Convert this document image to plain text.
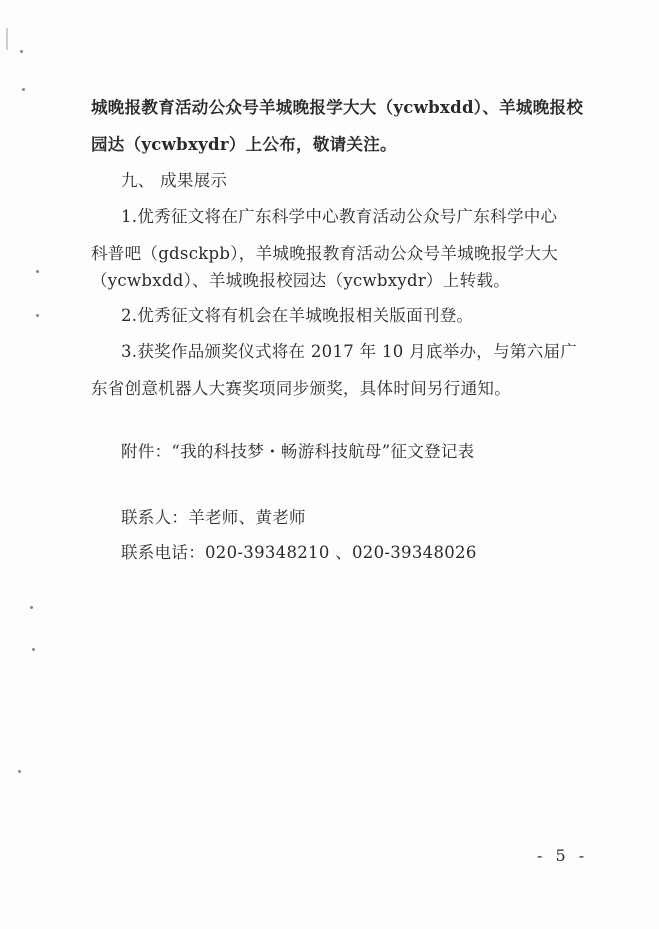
城晚报教育活动公众号羊城晚报学大大（ycwbxdd）、羊城晚报校
园达（ycwbxydr）上公布，敬请关注。
九、 成果展示
1.优秀征文将在广东科学中心教育活动公众号广东科学中心
科普吧（gdsckpb），羊城晚报教育活动公众号羊城晚报学大大
（ycwbxdd）、羊城晚报校园达（ycwbxydr）上转载。
2.优秀征文将有机会在羊城晚报相关版面刊登。
3.获奖作品颁奖仪式将在 2017 年 10 月底举办，与第六届广
东省创意机器人大赛奖项同步颁奖，具体时间另行通知。
附件：“我的科技梦・畅游科技航母”征文登记表
联系人：羊老师、黄老师
联系电话：020-39348210 、020-39348026
- 5 -
